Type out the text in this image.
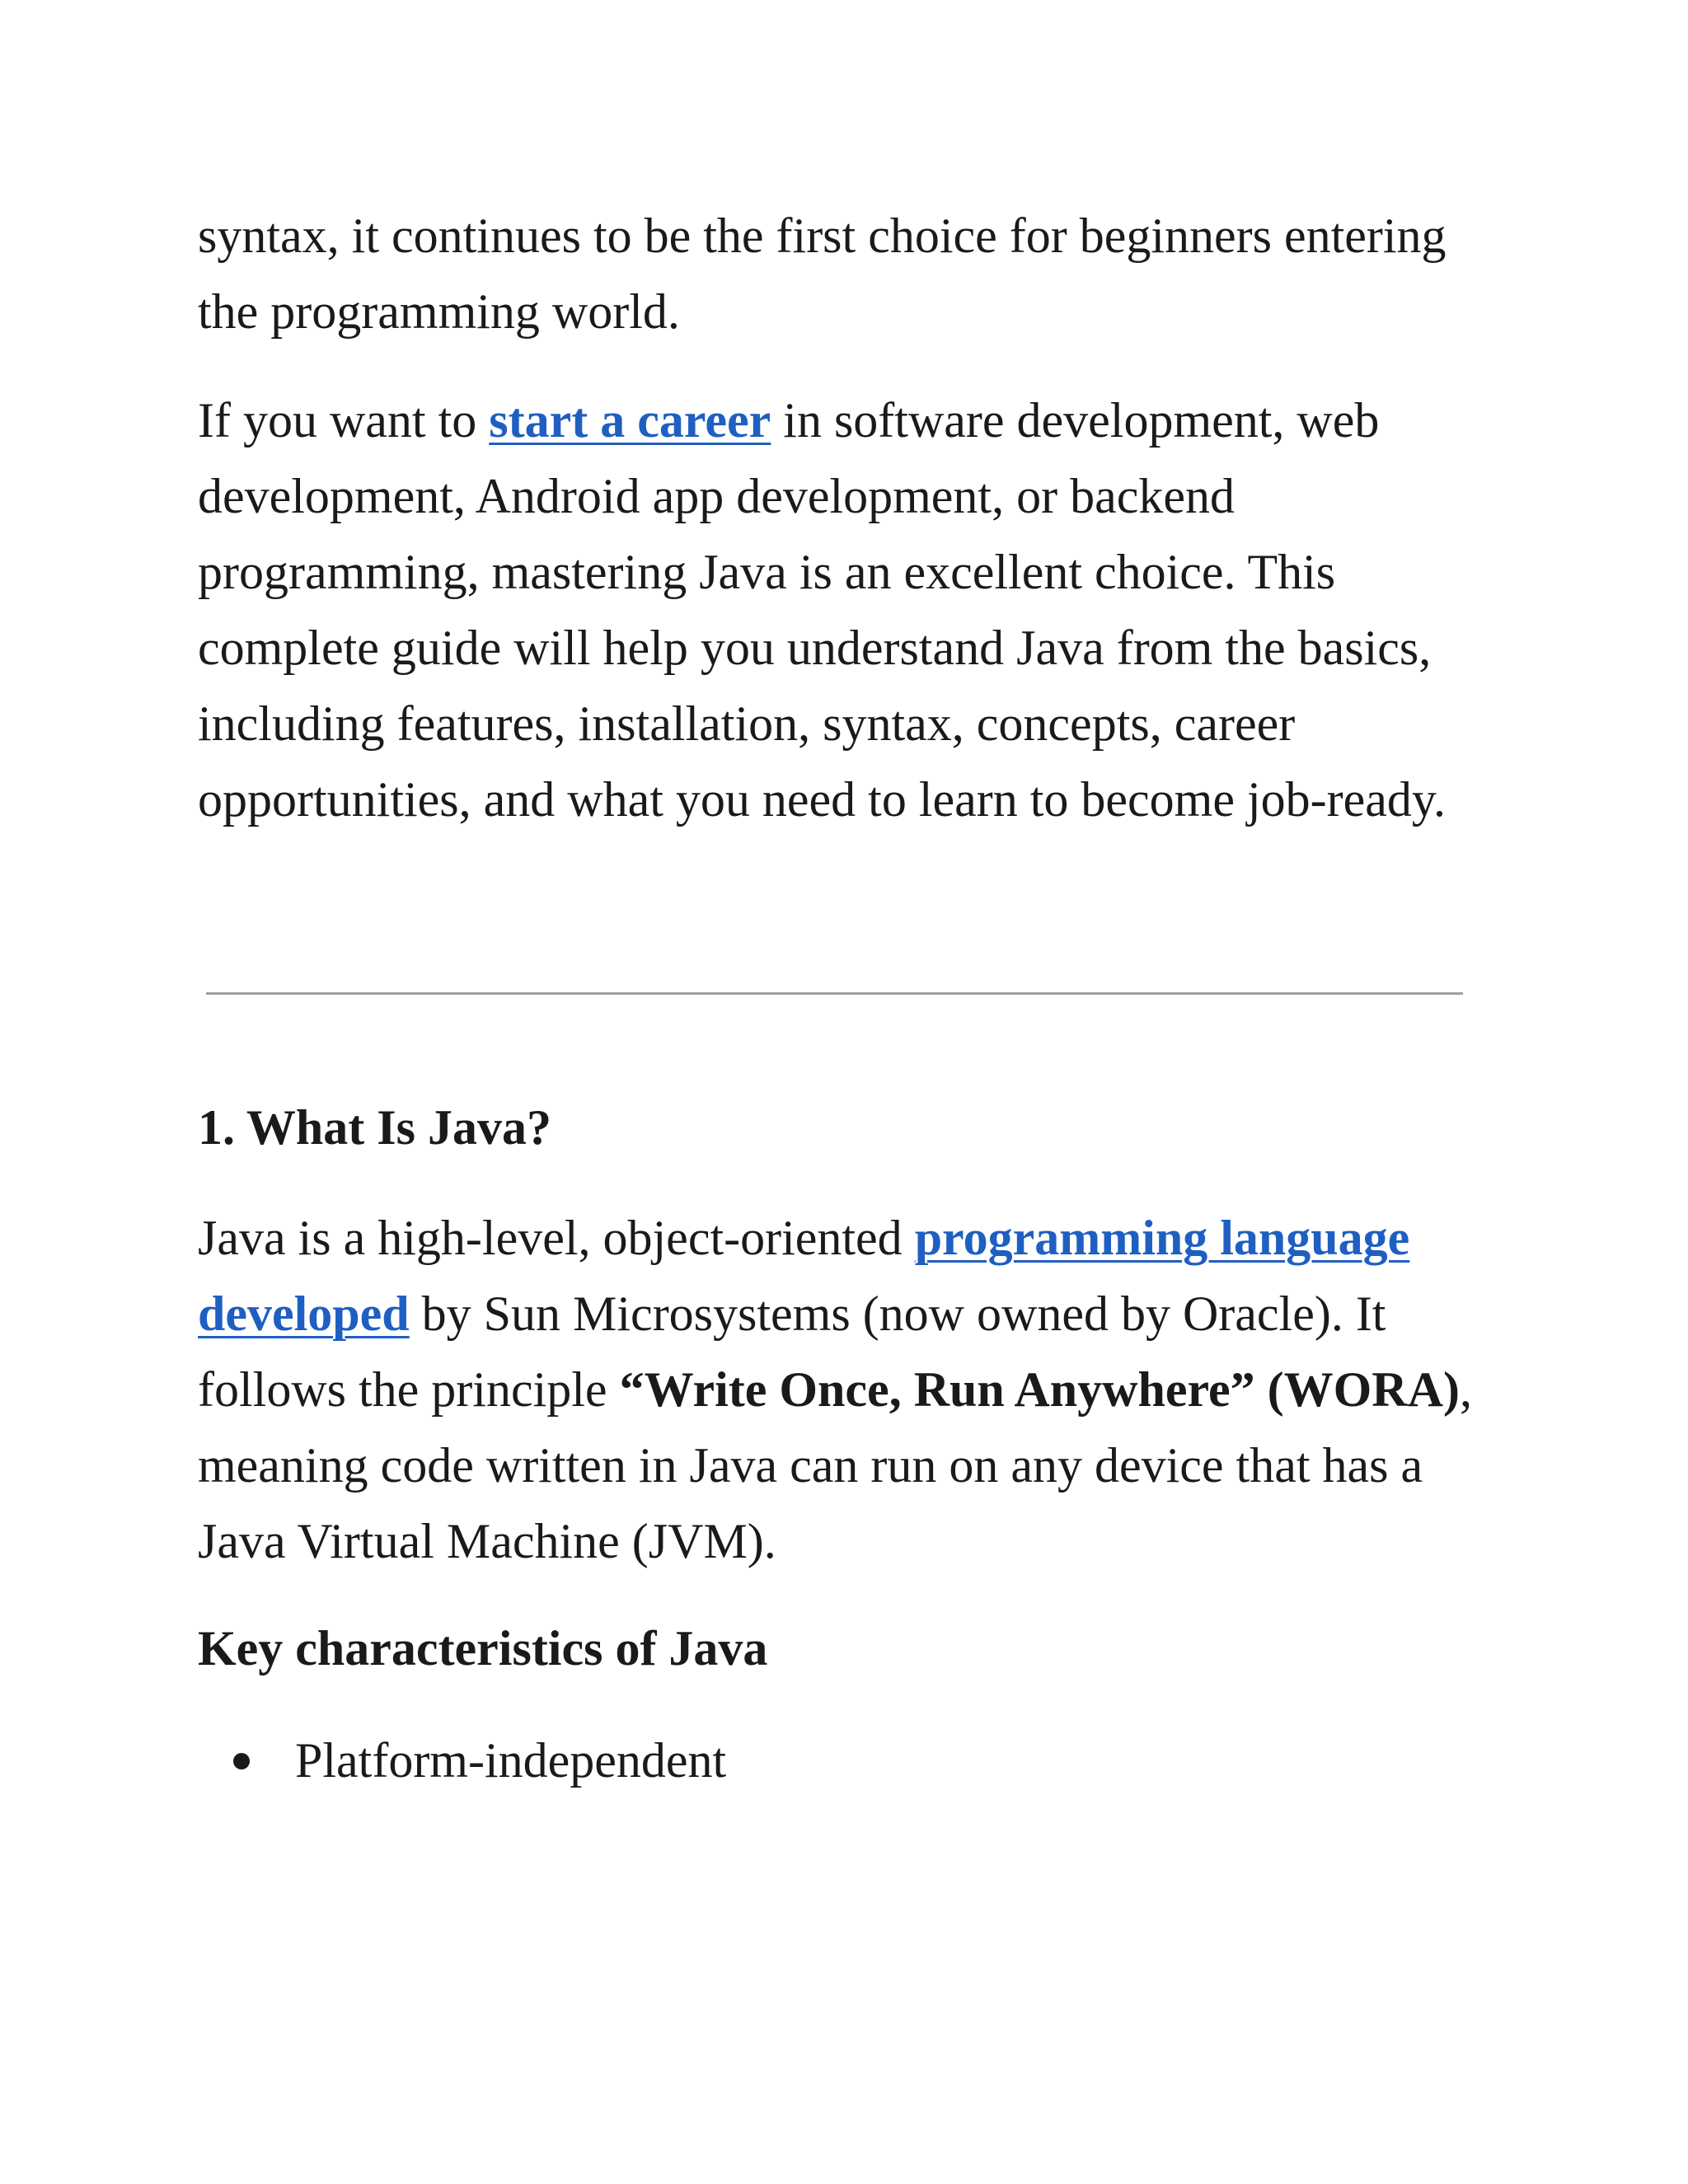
syntax, it continues to be the first choice for beginners entering the programming world.

If you want to start a career in software development, web development, Android app development, or backend programming, mastering Java is an excellent choice. This complete guide will help you understand Java from the basics, including features, installation, syntax, concepts, career opportunities, and what you need to learn to become job-ready.

1. What Is Java?

Java is a high-level, object-oriented programming language developed by Sun Microsystems (now owned by Oracle). It follows the principle “Write Once, Run Anywhere” (WORA), meaning code written in Java can run on any device that has a Java Virtual Machine (JVM).

Key characteristics of Java
Platform-independent
